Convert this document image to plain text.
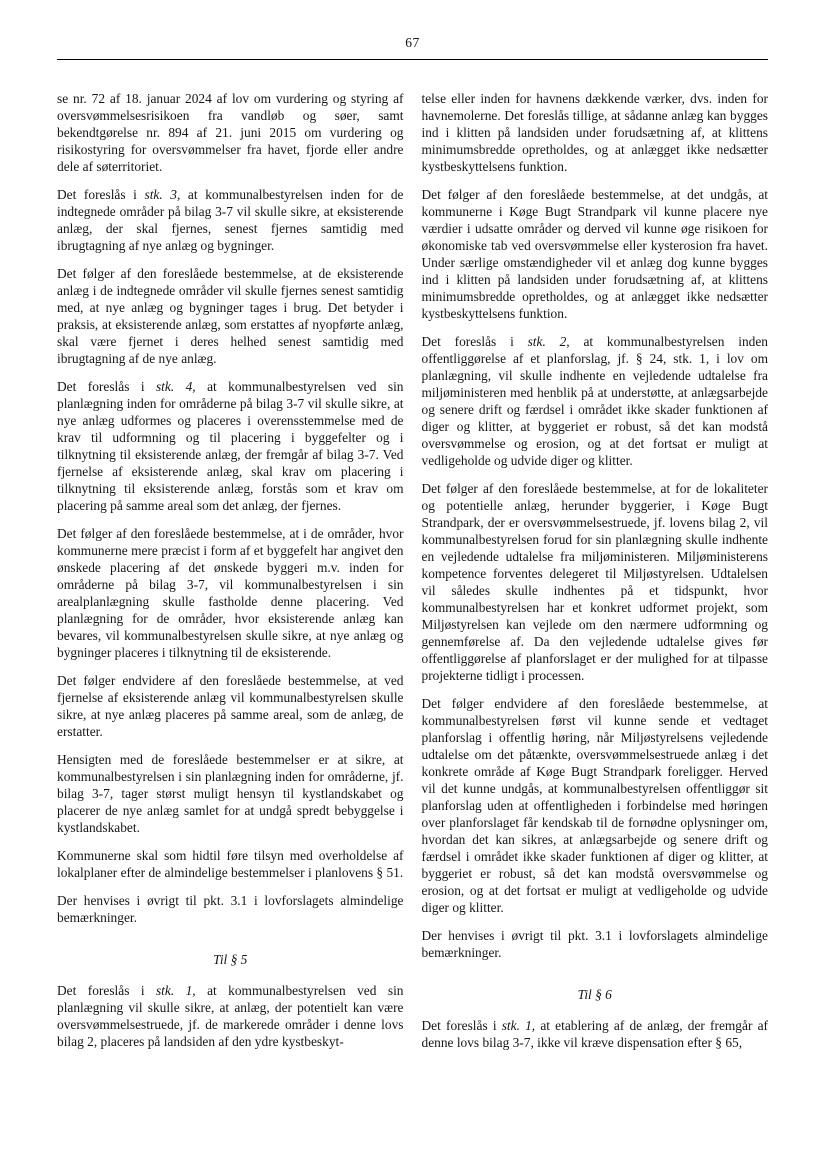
67

se nr. 72 af 18. januar 2024 af lov om vurdering og styring af oversvømmelsesrisikoen fra vandløb og søer, samt bekendtgørelse nr. 894 af 21. juni 2015 om vurdering og risikostyring for oversvømmelser fra havet, fjorde eller andre dele af søterritoriet.

Det foreslås i stk. 3, at kommunalbestyrelsen inden for de indtegnede områder på bilag 3-7 vil skulle sikre, at eksisterende anlæg, der skal fjernes, senest fjernes samtidig med ibrugtagning af nye anlæg og bygninger.

Det følger af den foreslåede bestemmelse, at de eksisterende anlæg i de indtegnede områder vil skulle fjernes senest samtidig med, at nye anlæg og bygninger tages i brug. Det betyder i praksis, at eksisterende anlæg, som erstattes af nyopførte anlæg, skal være fjernet i deres helhed senest samtidig med ibrugtagning af de nye anlæg.

Det foreslås i stk. 4, at kommunalbestyrelsen ved sin planlægning inden for områderne på bilag 3-7 vil skulle sikre, at nye anlæg udformes og placeres i overensstemmelse med de krav til udformning og til placering i byggefelter og i tilknytning til eksisterende anlæg, der fremgår af bilag 3-7. Ved fjernelse af eksisterende anlæg, skal krav om placering i tilknytning til eksisterende anlæg, forstås som et krav om placering på samme areal som det anlæg, der fjernes.

Det følger af den foreslåede bestemmelse, at i de områder, hvor kommunerne mere præcist i form af et byggefelt har angivet den ønskede placering af det ønskede byggeri m.v. inden for områderne på bilag 3-7, vil kommunalbestyrelsen i sin arealplanlægning skulle fastholde denne placering. Ved planlægning for de områder, hvor eksisterende anlæg kan bevares, vil kommunalbestyrelsen skulle sikre, at nye anlæg og bygninger placeres i tilknytning til de eksisterende.

Det følger endvidere af den foreslåede bestemmelse, at ved fjernelse af eksisterende anlæg vil kommunalbestyrelsen skulle sikre, at nye anlæg placeres på samme areal, som de anlæg, de erstatter.

Hensigten med de foreslåede bestemmelser er at sikre, at kommunalbestyrelsen i sin planlægning inden for områderne, jf. bilag 3-7, tager størst muligt hensyn til kystlandskabet og placerer de nye anlæg samlet for at undgå spredt bebyggelse i kystlandskabet.

Kommunerne skal som hidtil føre tilsyn med overholdelse af lokalplaner efter de almindelige bestemmelser i planlovens § 51.

Der henvises i øvrigt til pkt. 3.1 i lovforslagets almindelige bemærkninger.

Til § 5

Det foreslås i stk. 1, at kommunalbestyrelsen ved sin planlægning vil skulle sikre, at anlæg, der potentielt kan være oversvømmelsestruede, jf. de markerede områder i denne lovs bilag 2, placeres på landsiden af den ydre kystbeskyt-

telse eller inden for havnens dækkende værker, dvs. inden for havnemolerne. Det foreslås tillige, at sådanne anlæg kan bygges ind i klitten på landsiden under forudsætning af, at klittens minimumsbredde opretholdes, og at anlægget ikke nedsætter kystbeskyttelsens funktion.

Det følger af den foreslåede bestemmelse, at det undgås, at kommunerne i Køge Bugt Strandpark vil kunne placere nye værdier i udsatte områder og derved vil kunne øge risikoen for økonomiske tab ved oversvømmelse eller kysterosion fra havet. Under særlige omstændigheder vil et anlæg dog kunne bygges ind i klitten på landsiden under forudsætning af, at klittens minimumsbredde opretholdes, og at anlægget ikke nedsætter kystbeskyttelsens funktion.

Det foreslås i stk. 2, at kommunalbestyrelsen inden offentliggørelse af et planforslag, jf. § 24, stk. 1, i lov om planlægning, vil skulle indhente en vejledende udtalelse fra miljøministeren med henblik på at understøtte, at anlægsarbejde og senere drift og færdsel i området ikke skader funktionen af diger og klitter, at byggeriet er robust, så det kan modstå oversvømmelse og erosion, og at det fortsat er muligt at vedligeholde og udvide diger og klitter.

Det følger af den foreslåede bestemmelse, at for de lokaliteter og potentielle anlæg, herunder byggerier, i Køge Bugt Strandpark, der er oversvømmelsestruede, jf. lovens bilag 2, vil kommunalbestyrelsen forud for sin planlægning skulle indhente en vejledende udtalelse fra miljøministeren. Miljøministerens kompetence forventes delegeret til Miljøstyrelsen. Udtalelsen vil således skulle indhentes på et tidspunkt, hvor kommunalbestyrelsen har et konkret udformet projekt, som Miljøstyrelsen kan vejlede om den nærmere udformning og gennemførelse af. Da den vejledende udtalelse gives før offentliggørelse af planforslaget er der mulighed for at tilpasse projekterne tidligt i processen.

Det følger endvidere af den foreslåede bestemmelse, at kommunalbestyrelsen først vil kunne sende et vedtaget planforslag i offentlig høring, når Miljøstyrelsens vejledende udtalelse om det påtænkte, oversvømmelsestruede anlæg i det konkrete område af Køge Bugt Strandpark foreligger. Herved vil det kunne undgås, at kommunalbestyrelsen offentliggør sit planforslag uden at offentligheden i forbindelse med høringen over planforslaget får kendskab til de fornødne oplysninger om, hvordan det kan sikres, at anlægsarbejde og senere drift og færdsel i området ikke skader funktionen af diger og klitter, at byggeriet er robust, så det kan modstå oversvømmelse og erosion, og at det fortsat er muligt at vedligeholde og udvide diger og klitter.

Der henvises i øvrigt til pkt. 3.1 i lovforslagets almindelige bemærkninger.

Til § 6

Det foreslås i stk. 1, at etablering af de anlæg, der fremgår af denne lovs bilag 3-7, ikke vil kræve dispensation efter § 65,
